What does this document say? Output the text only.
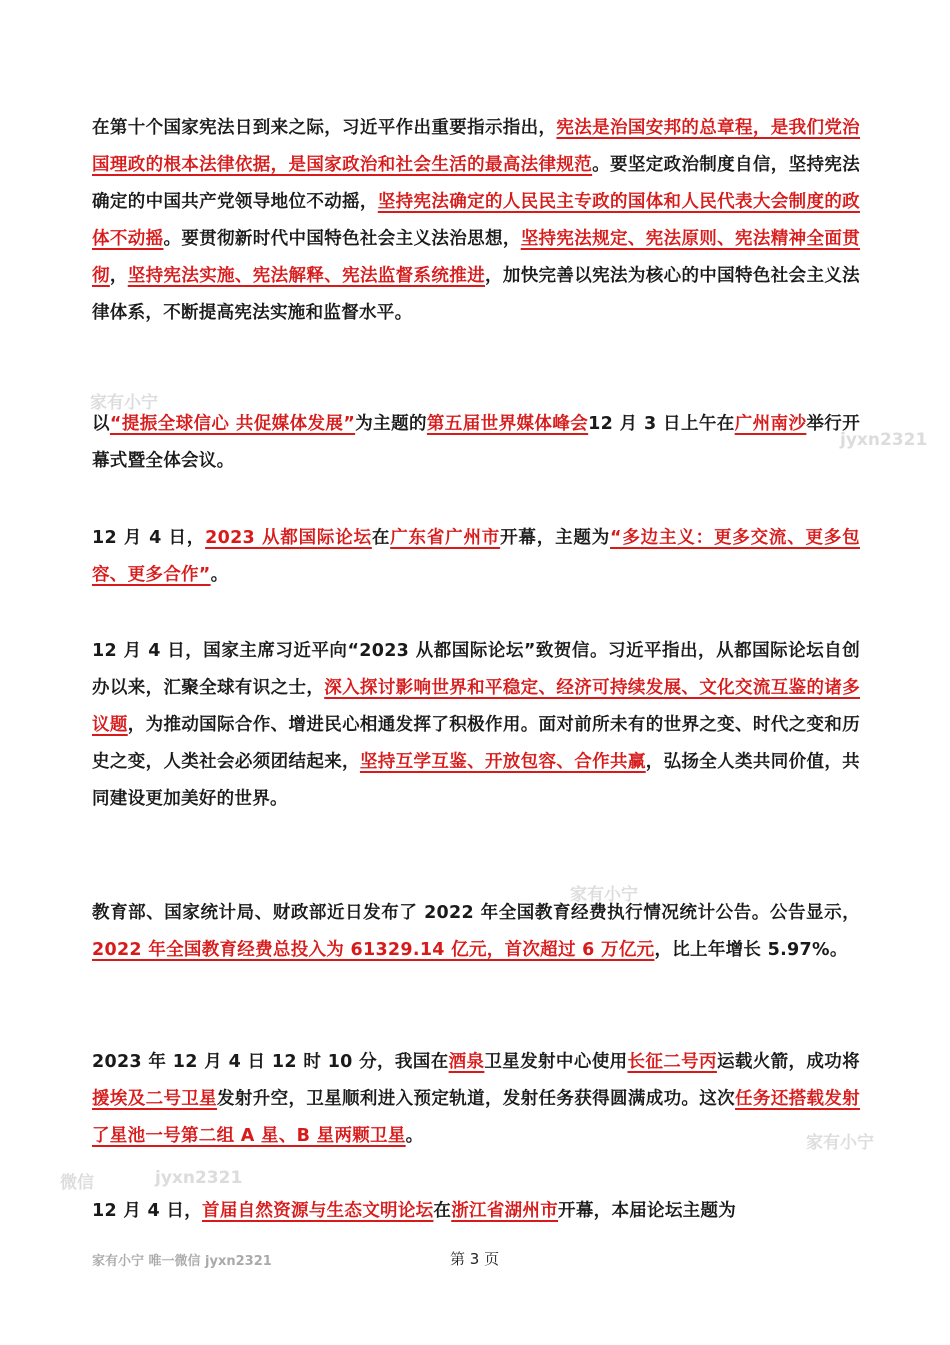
微信	jyxn2321
家有小宁
jyxn2321
家有小宁
家有小宁

在第十个国家宪法日到来之际，习近平作出重要指示指出，宪法是治国安邦的总章程，是我们党治国理政的根本法律依据，是国家政治和社会生活的最高法律规范。要坚定政治制度自信，坚持宪法确定的中国共产党领导地位不动摇，坚持宪法确定的人民民主专政的国体和人民代表大会制度的政体不动摇。要贯彻新时代中国特色社会主义法治思想，坚持宪法规定、宪法原则、宪法精神全面贯彻，坚持宪法实施、宪法解释、宪法监督系统推进，加快完善以宪法为核心的中国特色社会主义法律体系，不断提高宪法实施和监督水平。

以“提振全球信心 共促媒体发展”为主题的第五届世界媒体峰会12 月 3 日上午在广州南沙举行开幕式暨全体会议。

12 月 4 日，2023 从都国际论坛在广东省广州市开幕，主题为“多边主义：更多交流、更多包容、更多合作”。

12 月 4 日，国家主席习近平向“2023 从都国际论坛”致贺信。习近平指出，从都国际论坛自创办以来，汇聚全球有识之士，深入探讨影响世界和平稳定、经济可持续发展、文化交流互鉴的诸多议题，为推动国际合作、增进民心相通发挥了积极作用。面对前所未有的世界之变、时代之变和历史之变，人类社会必须团结起来，坚持互学互鉴、开放包容、合作共赢，弘扬全人类共同价值，共同建设更加美好的世界。

教育部、国家统计局、财政部近日发布了 2022 年全国教育经费执行情况统计公告。公告显示，2022 年全国教育经费总投入为 61329.14 亿元，首次超过 6 万亿元，比上年增长 5.97%。

2023 年 12 月 4 日 12 时 10 分，我国在酒泉卫星发射中心使用长征二号丙运载火箭，成功将援埃及二号卫星发射升空，卫星顺利进入预定轨道，发射任务获得圆满成功。这次任务还搭载发射了星池一号第二组 A 星、B 星两颗卫星。

12 月 4 日，首届自然资源与生态文明论坛在浙江省湖州市开幕，本届论坛主题为

家有小宁 唯一微信 jyxn2321	第 3 页
